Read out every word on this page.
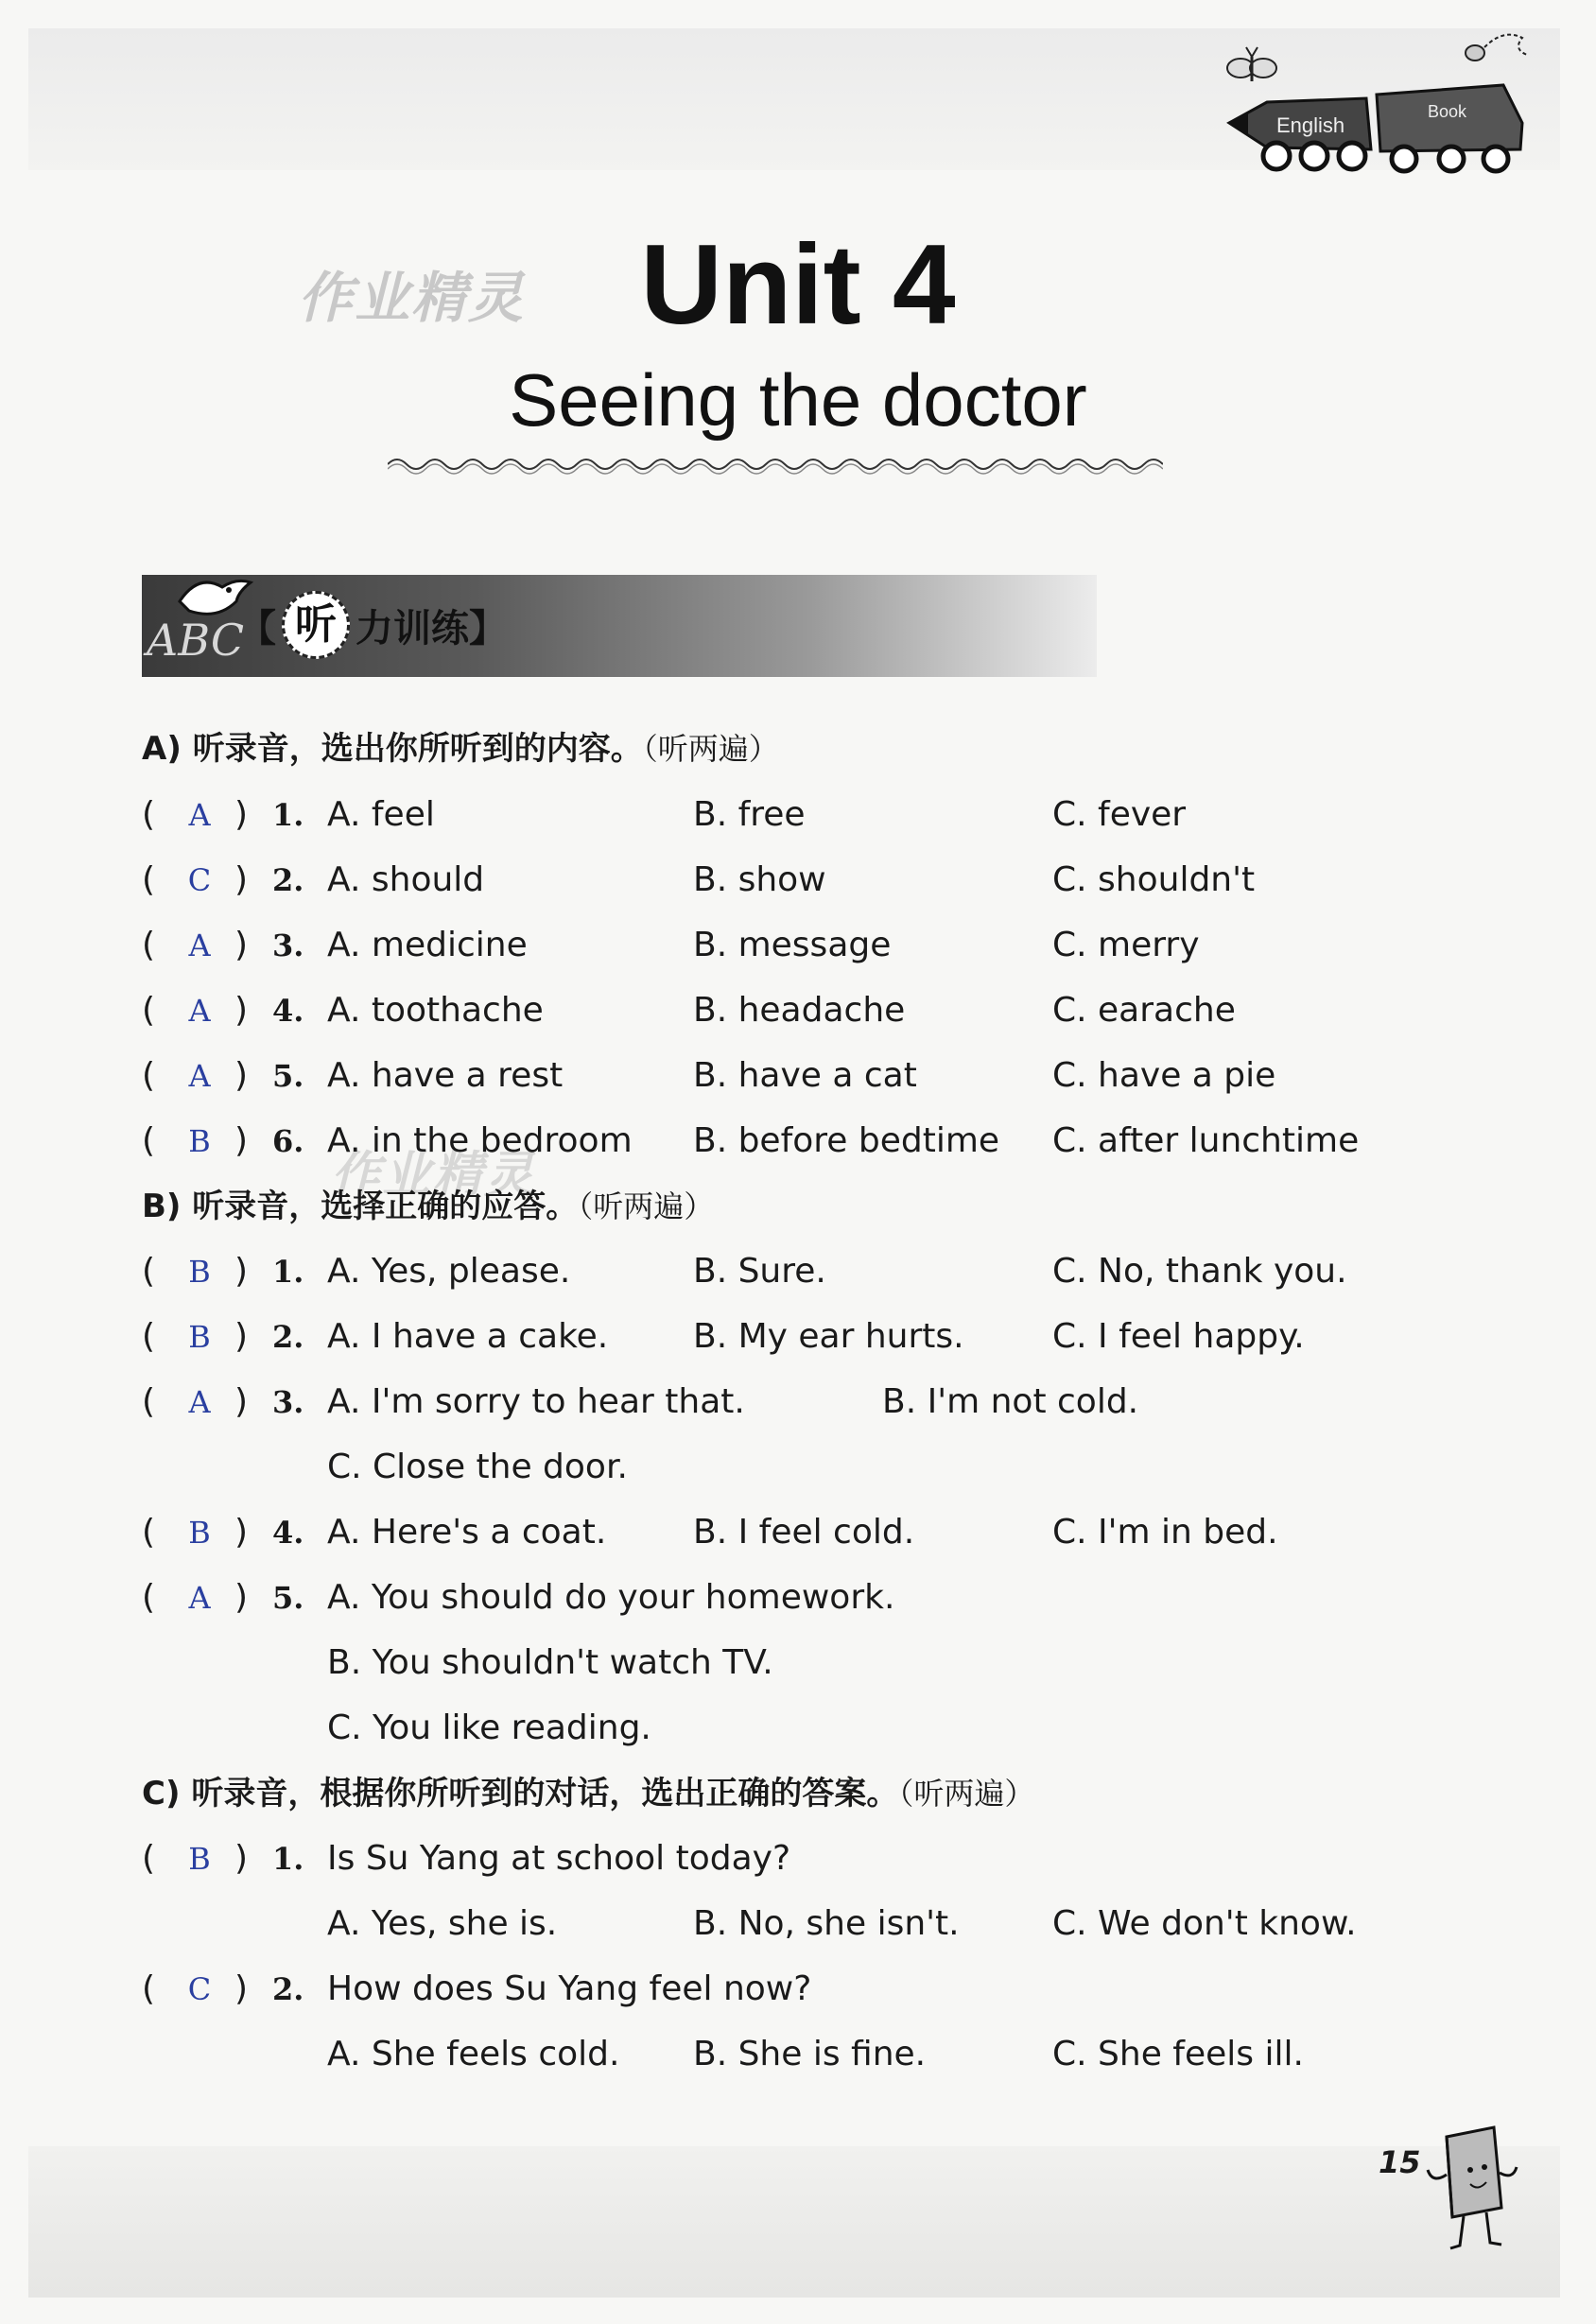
English
Book
作业精灵
作业精灵
Unit 4
Seeing the doctor
ABC
【 听 力训练 】
A) 听录音，选出你所听到的内容。（听两遍）
( A ) 1. A. feel	B. free	C. fever
( C ) 2. A. should	B. show	C. shouldn't
( A ) 3. A. medicine	B. message	C. merry
( A ) 4. A. toothache	B. headache	C. earache
( A ) 5. A. have a rest	B. have a cat	C. have a pie
( B ) 6. A. in the bedroom B. before bedtime C. after lunchtime
B) 听录音，选择正确的应答。（听两遍）
( B ) 1. A. Yes, please.	B. Sure.	C. No, thank you.
( B ) 2. A. I have a cake. B. My ear hurts.	C. I feel happy.
( A ) 3. A. I'm sorry to hear that.	B. I'm not cold.
C. Close the door.
( B ) 4. A. Here's a coat.	B. I feel cold.	C. I'm in bed.
( A ) 5. A. You should do your homework.
B. You shouldn't watch TV.
C. You like reading.
C) 听录音，根据你所听到的对话，选出正确的答案。（听两遍）
( B ) 1. Is Su Yang at school today?
A. Yes, she is.	B. No, she isn't.	C. We don't know.
( C ) 2. How does Su Yang feel now?
A. She feels cold. B. She is fine.	C. She feels ill.
15
